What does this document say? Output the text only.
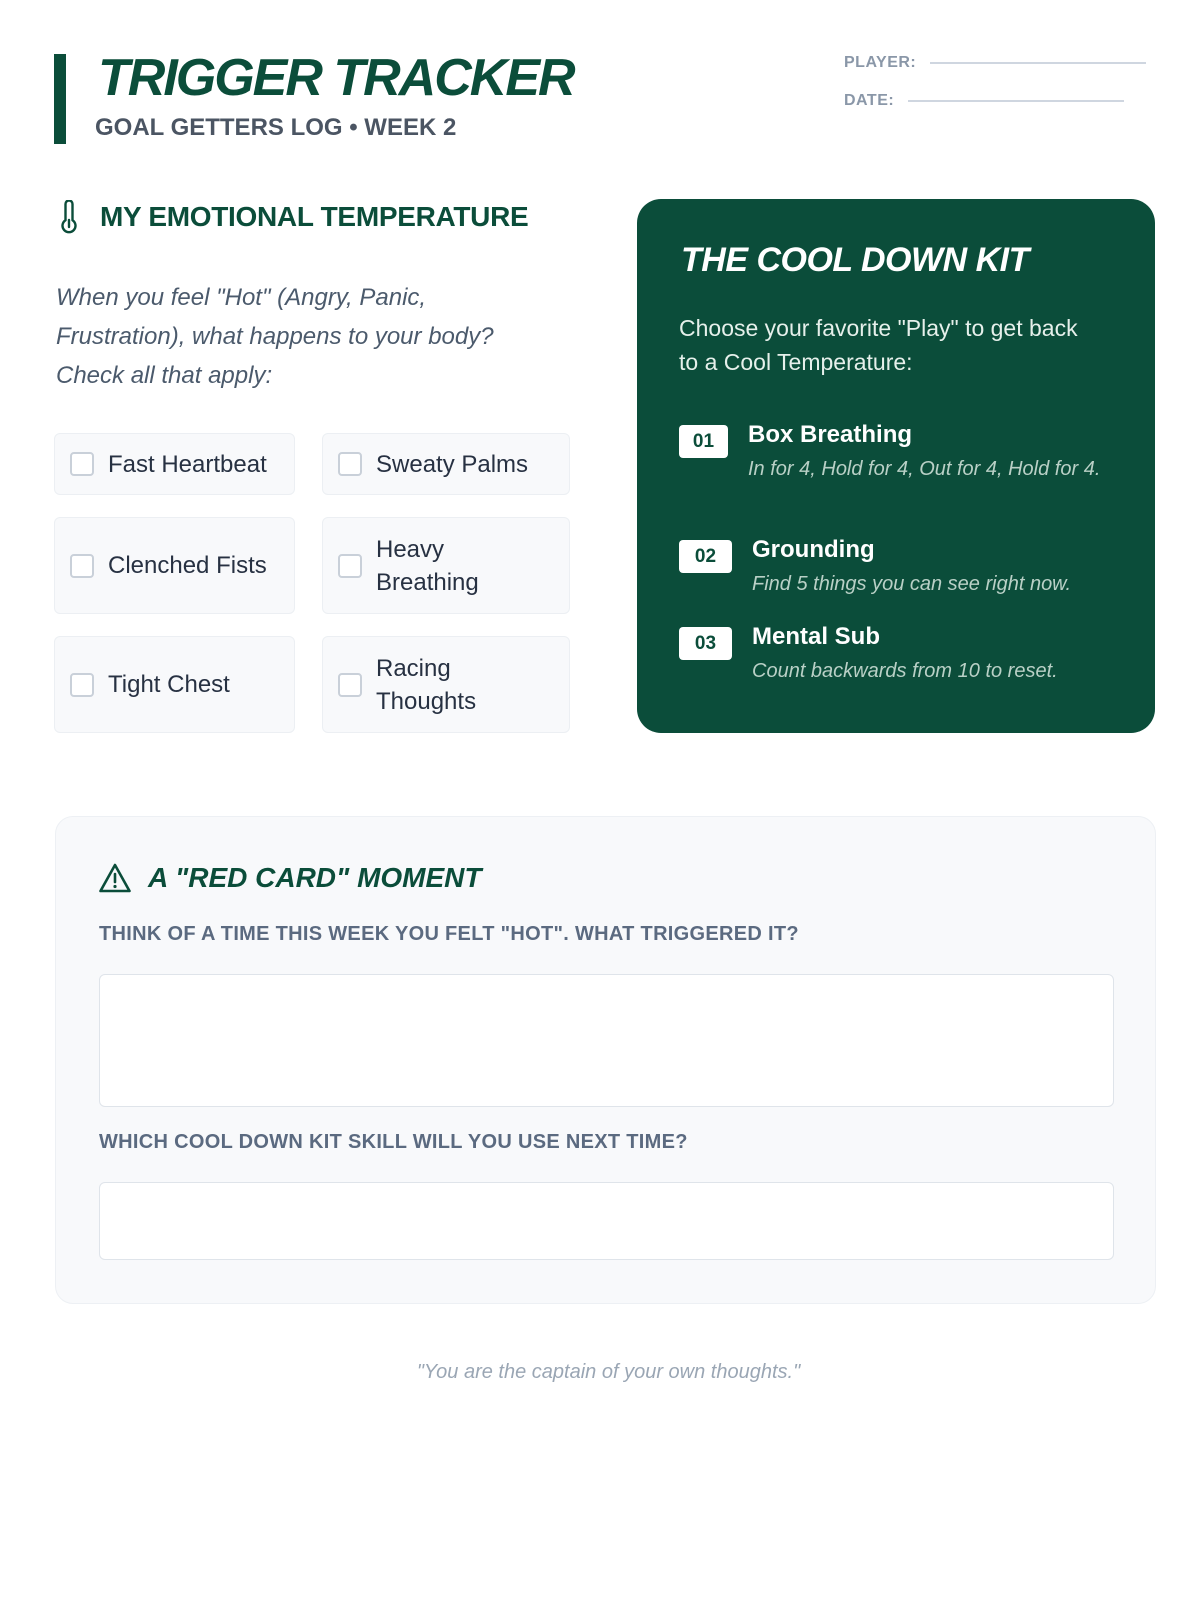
TRIGGER TRACKER
GOAL GETTERS LOG • WEEK 2
PLAYER:
DATE:
MY EMOTIONAL TEMPERATURE

When you feel "Hot" (Angry, Panic, Frustration), what happens to your body? Check all that apply:

Fast Heartbeat	Sweaty Palms
Clenched Fists
Heavy Breathing
Tight Chest
Racing Thoughts
THE COOL DOWN KIT

Choose your favorite "Play" to get back to a Cool Temperature:

01	Box Breathing
In for 4, Hold for 4, Out for 4, Hold for 4.
02	Grounding
Find 5 things you can see right now.
03	Mental Sub
Count backwards from 10 to reset.
A "RED CARD" MOMENT
THINK OF A TIME THIS WEEK YOU FELT "HOT". WHAT TRIGGERED IT?
WHICH COOL DOWN KIT SKILL WILL YOU USE NEXT TIME?
"You are the captain of your own thoughts."
